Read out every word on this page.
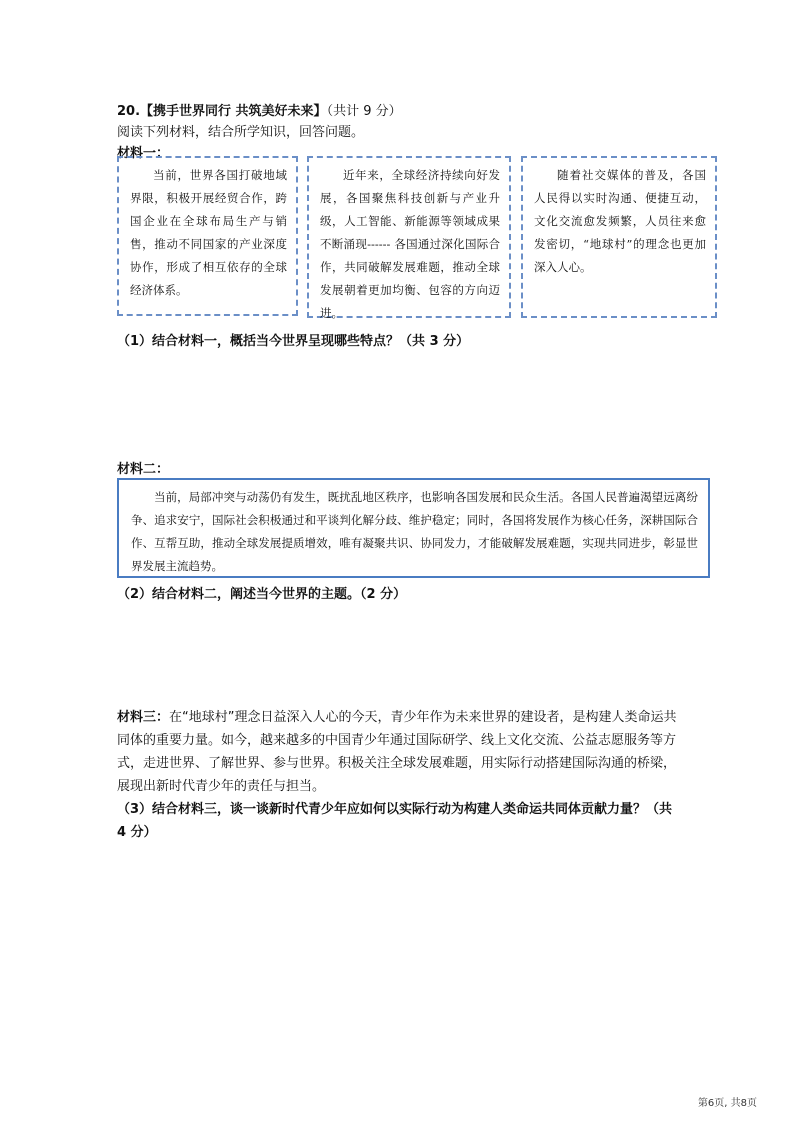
20.【携手世界同行 共筑美好未来】（共计 9 分）
阅读下列材料，结合所学知识，回答问题。
材料一：

当前，世界各国打破地域界限，积极开展经贸合作，跨国企业在全球布局生产与销售，推动不同国家的产业深度协作，形成了相互依存的全球经济体系。

近年来，全球经济持续向好发展，各国聚焦科技创新与产业升级，人工智能、新能源等领域成果不断涌现------ 各国通过深化国际合作，共同破解发展难题，推动全球发展朝着更加均衡、包容的方向迈进。

随着社交媒体的普及，各国人民得以实时沟通、便捷互动，文化交流愈发频繁，人员往来愈发密切，“地球村”的理念也更加深入人心。

（1）结合材料一，概括当今世界呈现哪些特点？（共 3 分）
材料二：

当前，局部冲突与动荡仍有发生，既扰乱地区秩序，也影响各国发展和民众生活。各国人民普遍渴望远离纷争、追求安宁，国际社会积极通过和平谈判化解分歧、维护稳定；同时，各国将发展作为核心任务，深耕国际合作、互帮互助，推动全球发展提质增效，唯有凝聚共识、协同发力，才能破解发展难题，实现共同进步，彰显世界发展主流趋势。

（2）结合材料二，阐述当今世界的主题。（2 分）

材料三：在“地球村”理念日益深入人心的今天，青少年作为未来世界的建设者，是构建人类命运共同体的重要力量。如今，越来越多的中国青少年通过国际研学、线上文化交流、公益志愿服务等方式，走进世界、了解世界、参与世界。积极关注全球发展难题，用实际行动搭建国际沟通的桥梁，展现出新时代青少年的责任与担当。

（3）结合材料三，谈一谈新时代青少年应如何以实际行动为构建人类命运共同体贡献力量？（共 4 分）

第6页, 共8页
